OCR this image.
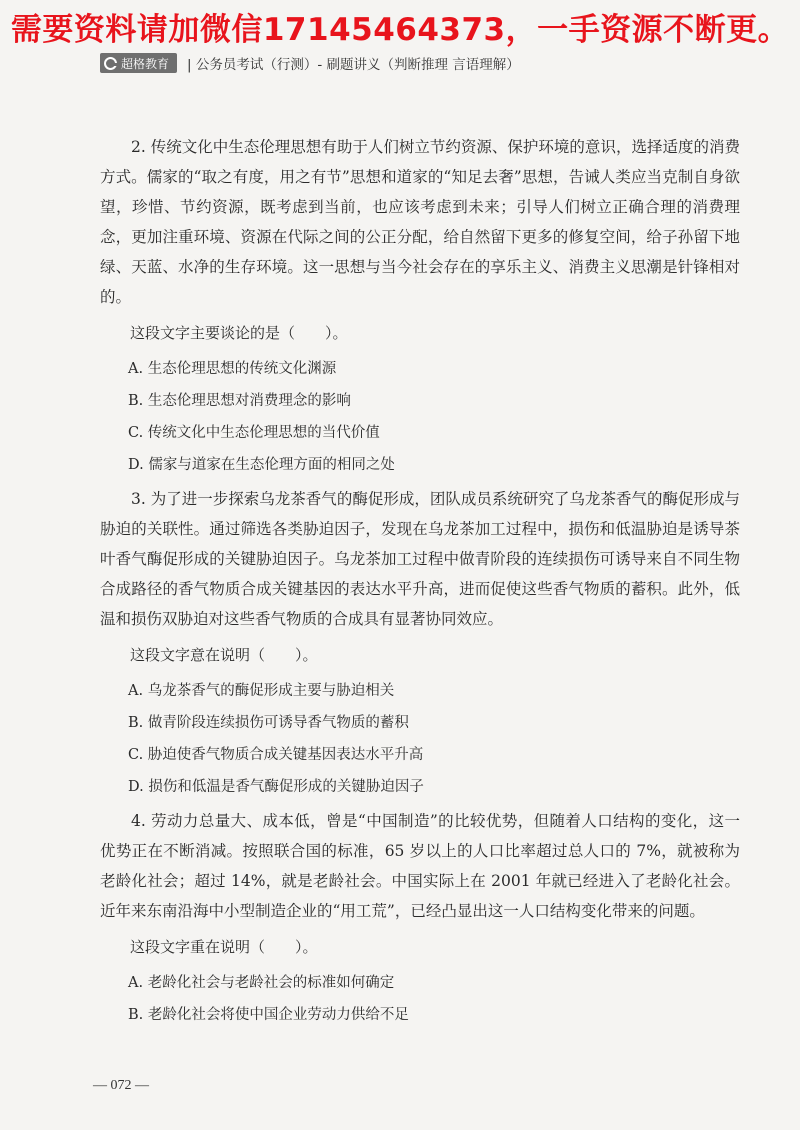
需要资料请加微信17145464373，一手资源不断更。
超格教育 | 公务员考试（行测）- 刷题讲义（判断推理 言语理解）

2. 传统文化中生态伦理思想有助于人们树立节约资源、保护环境的意识，选择适度的消费方式。儒家的“取之有度，用之有节”思想和道家的“知足去奢”思想，告诫人类应当克制自身欲望，珍惜、节约资源，既考虑到当前，也应该考虑到未来；引导人们树立正确合理的消费理念，更加注重环境、资源在代际之间的公正分配，给自然留下更多的修复空间，给子孙留下地绿、天蓝、水净的生存环境。这一思想与当今社会存在的享乐主义、消费主义思潮是针锋相对的。

这段文字主要谈论的是（　　）。

A. 生态伦理思想的传统文化渊源
B. 生态伦理思想对消费理念的影响
C. 传统文化中生态伦理思想的当代价值
D. 儒家与道家在生态伦理方面的相同之处

3. 为了进一步探索乌龙茶香气的酶促形成，团队成员系统研究了乌龙茶香气的酶促形成与胁迫的关联性。通过筛选各类胁迫因子，发现在乌龙茶加工过程中，损伤和低温胁迫是诱导茶叶香气酶促形成的关键胁迫因子。乌龙茶加工过程中做青阶段的连续损伤可诱导来自不同生物合成路径的香气物质合成关键基因的表达水平升高，进而促使这些香气物质的蓄积。此外，低温和损伤双胁迫对这些香气物质的合成具有显著协同效应。

这段文字意在说明（　　）。

A. 乌龙茶香气的酶促形成主要与胁迫相关
B. 做青阶段连续损伤可诱导香气物质的蓄积
C. 胁迫使香气物质合成关键基因表达水平升高
D. 损伤和低温是香气酶促形成的关键胁迫因子

4. 劳动力总量大、成本低，曾是“中国制造”的比较优势，但随着人口结构的变化，这一优势正在不断消减。按照联合国的标准，65 岁以上的人口比率超过总人口的 7%，就被称为老龄化社会；超过 14%，就是老龄社会。中国实际上在 2001 年就已经进入了老龄化社会。近年来东南沿海中小型制造企业的“用工荒”，已经凸显出这一人口结构变化带来的问题。

这段文字重在说明（　　）。

A. 老龄化社会与老龄社会的标准如何确定
B. 老龄化社会将使中国企业劳动力供给不足
— 072 —
